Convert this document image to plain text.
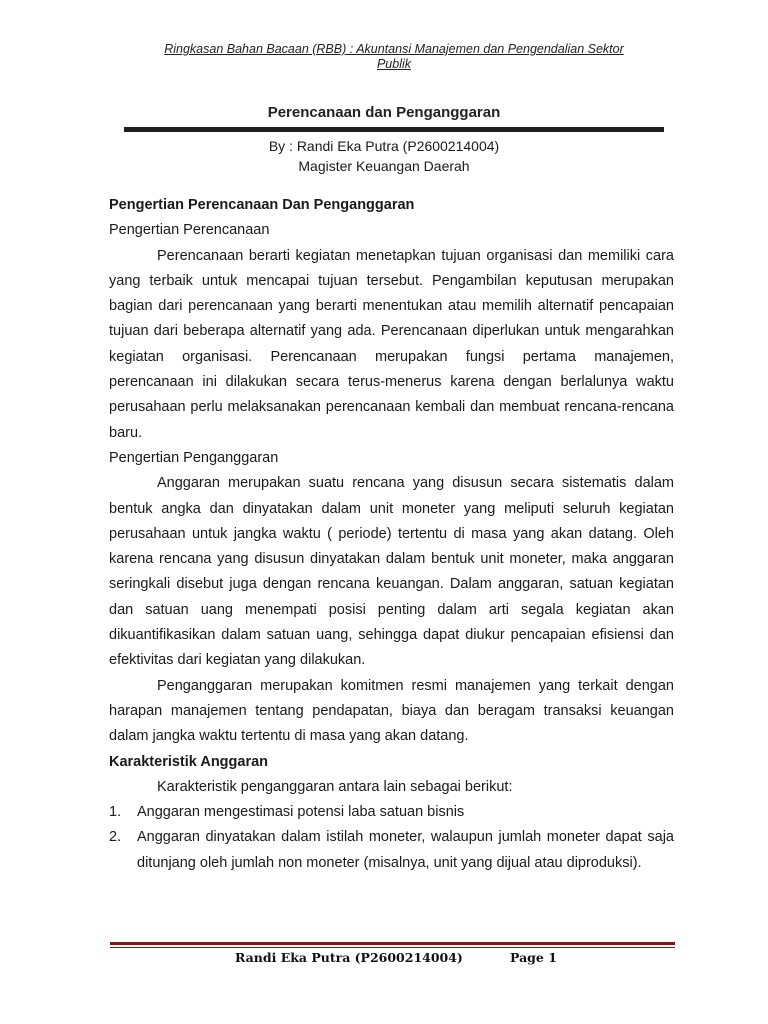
Ringkasan Bahan Bacaan (RBB) : Akuntansi Manajemen dan Pengendalian Sektor
Publik
Perencanaan dan Penganggaran
By : Randi Eka Putra (P2600214004)
Magister Keuangan Daerah

Pengertian Perencanaan Dan Penganggaran

Pengertian Perencanaan

Perencanaan berarti kegiatan menetapkan tujuan organisasi dan memiliki cara yang terbaik untuk mencapai tujuan tersebut. Pengambilan keputusan merupakan bagian dari perencanaan yang berarti menentukan atau memilih alternatif pencapaian tujuan dari beberapa alternatif yang ada. Perencanaan diperlukan untuk mengarahkan kegiatan organisasi. Perencanaan merupakan fungsi pertama manajemen, perencanaan ini dilakukan secara terus-menerus karena dengan berlalunya waktu perusahaan perlu melaksanakan perencanaan kembali dan membuat rencana-rencana baru.

Pengertian Penganggaran

Anggaran merupakan suatu rencana yang disusun secara sistematis dalam bentuk angka dan dinyatakan dalam unit moneter yang meliputi seluruh kegiatan perusahaan untuk jangka waktu ( periode) tertentu di masa yang akan datang. Oleh karena rencana yang disusun dinyatakan dalam bentuk unit moneter, maka anggaran seringkali disebut juga dengan rencana keuangan. Dalam anggaran, satuan kegiatan dan satuan uang menempati posisi penting dalam arti segala kegiatan akan dikuantifikasikan dalam satuan uang, sehingga dapat diukur pencapaian efisiensi dan efektivitas dari kegiatan yang dilakukan.

Penganggaran merupakan komitmen resmi manajemen yang terkait dengan harapan manajemen tentang pendapatan, biaya dan beragam transaksi keuangan dalam jangka waktu tertentu di masa yang akan datang.

Karakteristik Anggaran

Karakteristik penganggaran antara lain sebagai berikut:

1. Anggaran mengestimasi potensi laba satuan bisnis
2. Anggaran dinyatakan dalam istilah moneter, walaupun jumlah moneter dapat saja ditunjang oleh jumlah non moneter (misalnya, unit yang dijual atau diproduksi).
Randi Eka Putra (P2600214004)	Page 1
